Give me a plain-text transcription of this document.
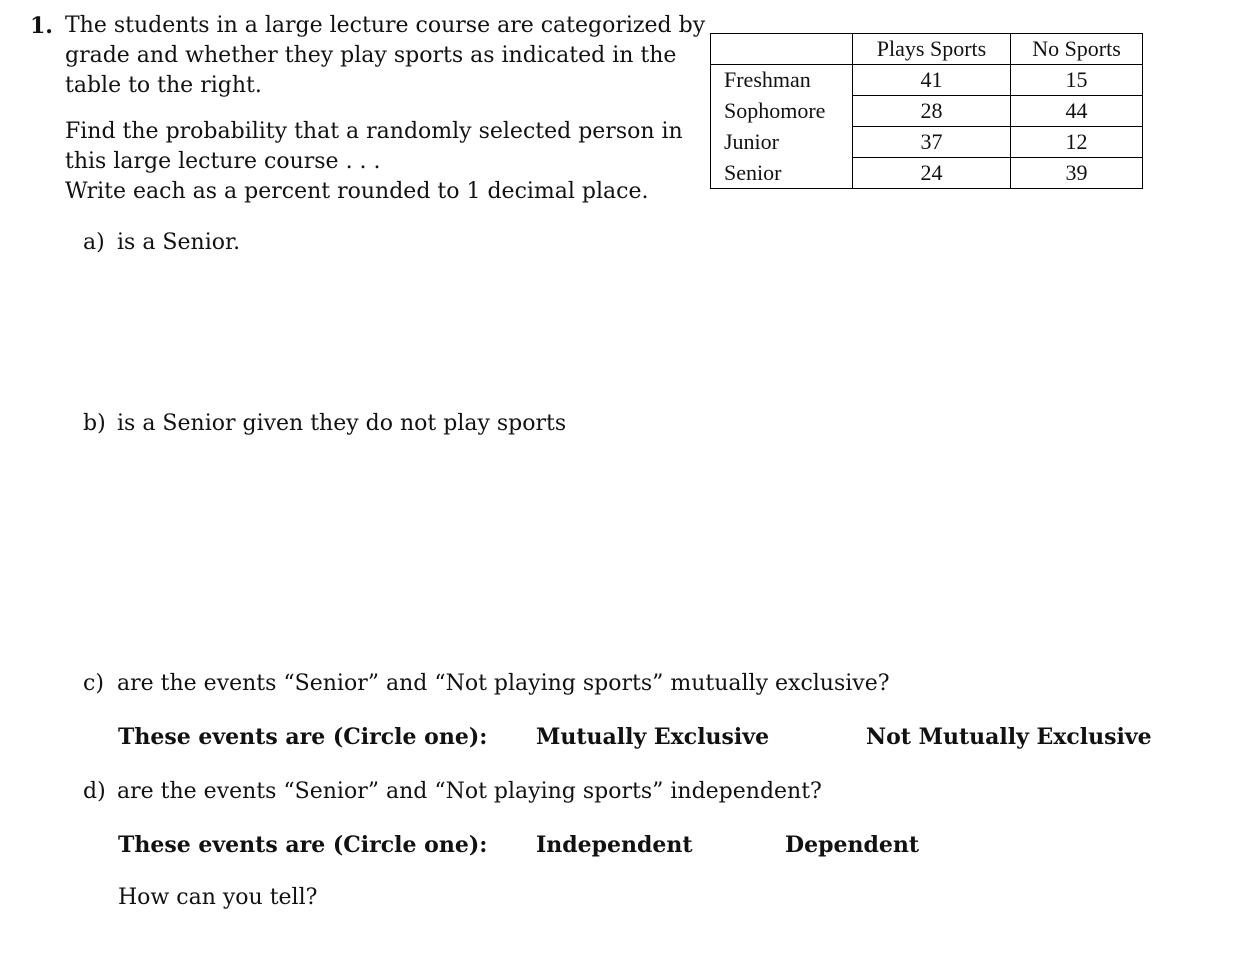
1. The students in a large lecture course are categorized by
grade and whether they play sports as indicated in the
table to the right.
Find the probability that a randomly selected person in
this large lecture course . . .
Write each as a percent rounded to 1 decimal place.
	Plays Sports	No Sports
Freshman	41	15
Sophomore	28	44
Junior	37	12
Senior	24	39
a) is a Senior.
b) is a Senior given they do not play sports
c) are the events “Senior” and “Not playing sports” mutually exclusive?
These events are (Circle one): Mutually Exclusive	Not Mutually Exclusive
d) are the events “Senior” and “Not playing sports” independent?
These events are (Circle one): Independent	Dependent
How can you tell?
